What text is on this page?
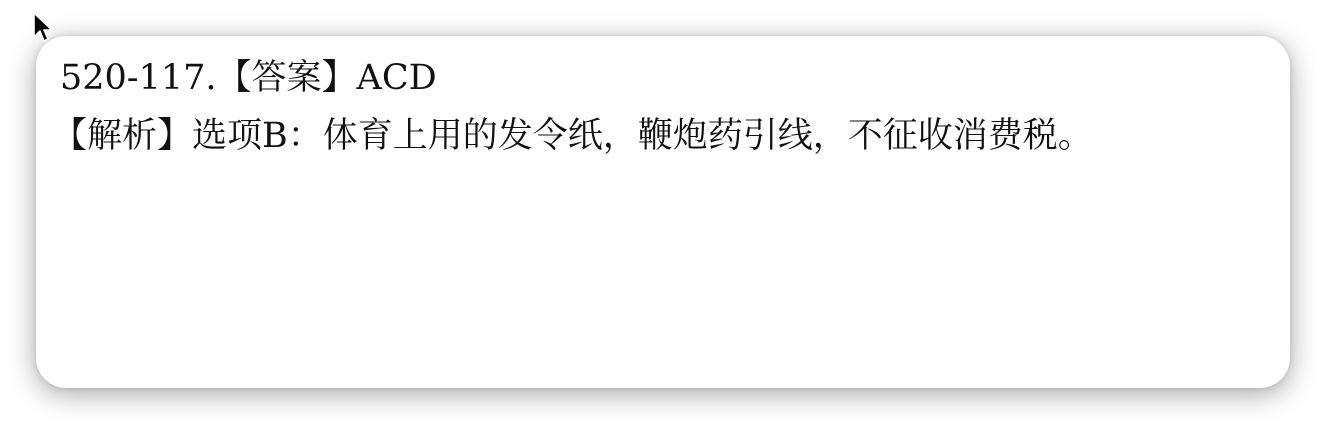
520-117.【答案】ACD
【解析】选项B：体育上用的发令纸，鞭炮药引线，不征收消费税。
